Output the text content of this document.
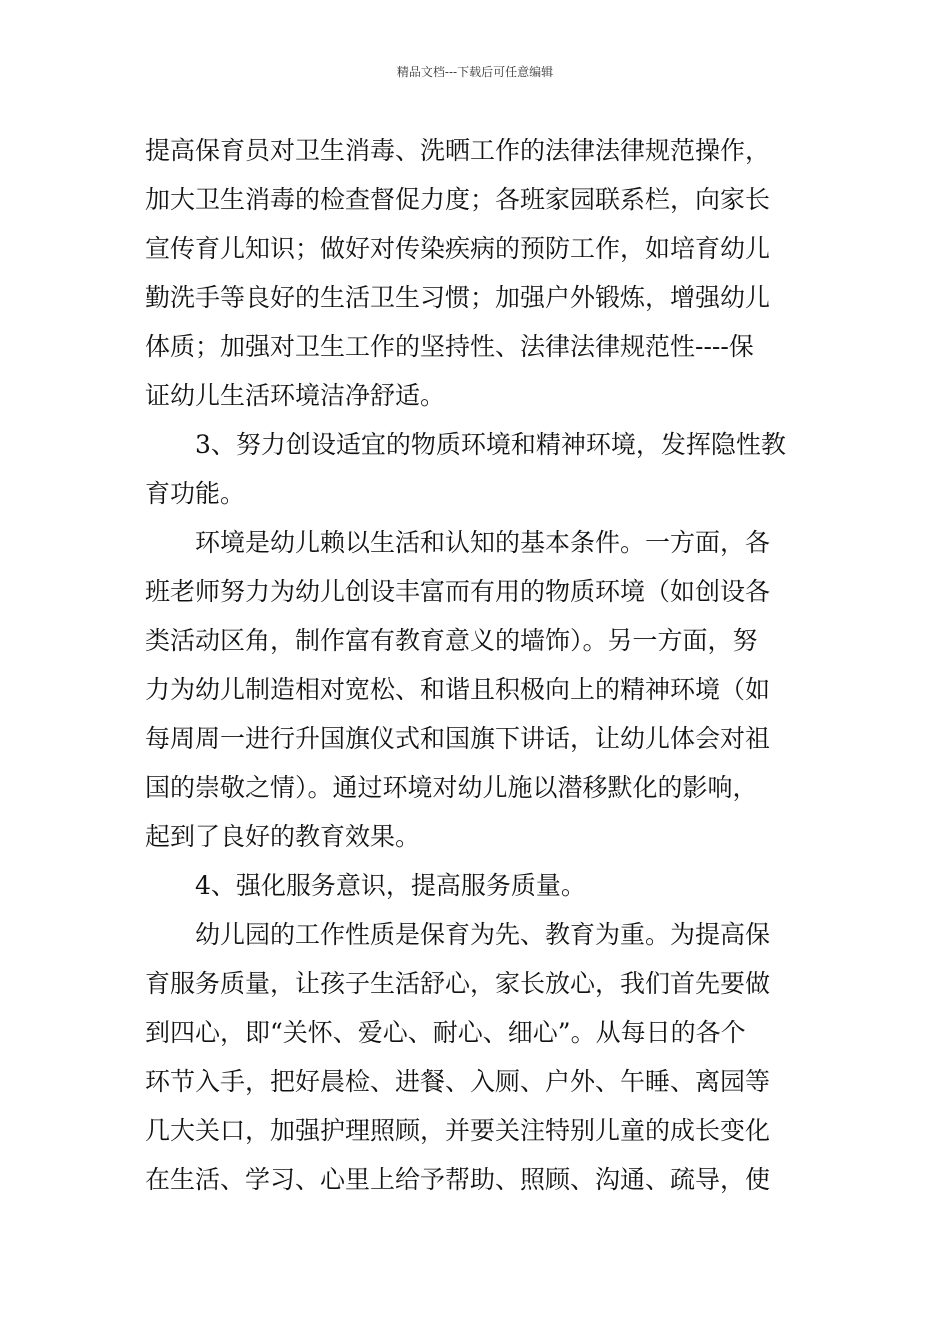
精品文档---下载后可任意编辑
提高保育员对卫生消毒、洗晒工作的法律法律规范操作，
加大卫生消毒的检查督促力度；各班家园联系栏，向家长
宣传育儿知识；做好对传染疾病的预防工作，如培育幼儿
勤洗手等良好的生活卫生习惯；加强户外锻炼，增强幼儿
体质；加强对卫生工作的坚持性、法律法律规范性----保
证幼儿生活环境洁净舒适。
3、努力创设适宜的物质环境和精神环境，发挥隐性教
育功能。
环境是幼儿赖以生活和认知的基本条件。一方面，各
班老师努力为幼儿创设丰富而有用的物质环境（如创设各
类活动区角，制作富有教育意义的墙饰）。另一方面，努
力为幼儿制造相对宽松、和谐且积极向上的精神环境（如
每周周一进行升国旗仪式和国旗下讲话，让幼儿体会对祖
国的崇敬之情）。通过环境对幼儿施以潜移默化的影响，
起到了良好的教育效果。
4、强化服务意识，提高服务质量。
幼儿园的工作性质是保育为先、教育为重。为提高保
育服务质量，让孩子生活舒心，家长放心，我们首先要做
到四心，即“关怀、爱心、耐心、细心”。从每日的各个
环节入手，把好晨检、进餐、入厕、户外、午睡、离园等
几大关口，加强护理照顾，并要关注特别儿童的成长变化
在生活、学习、心里上给予帮助、照顾、沟通、疏导，使
